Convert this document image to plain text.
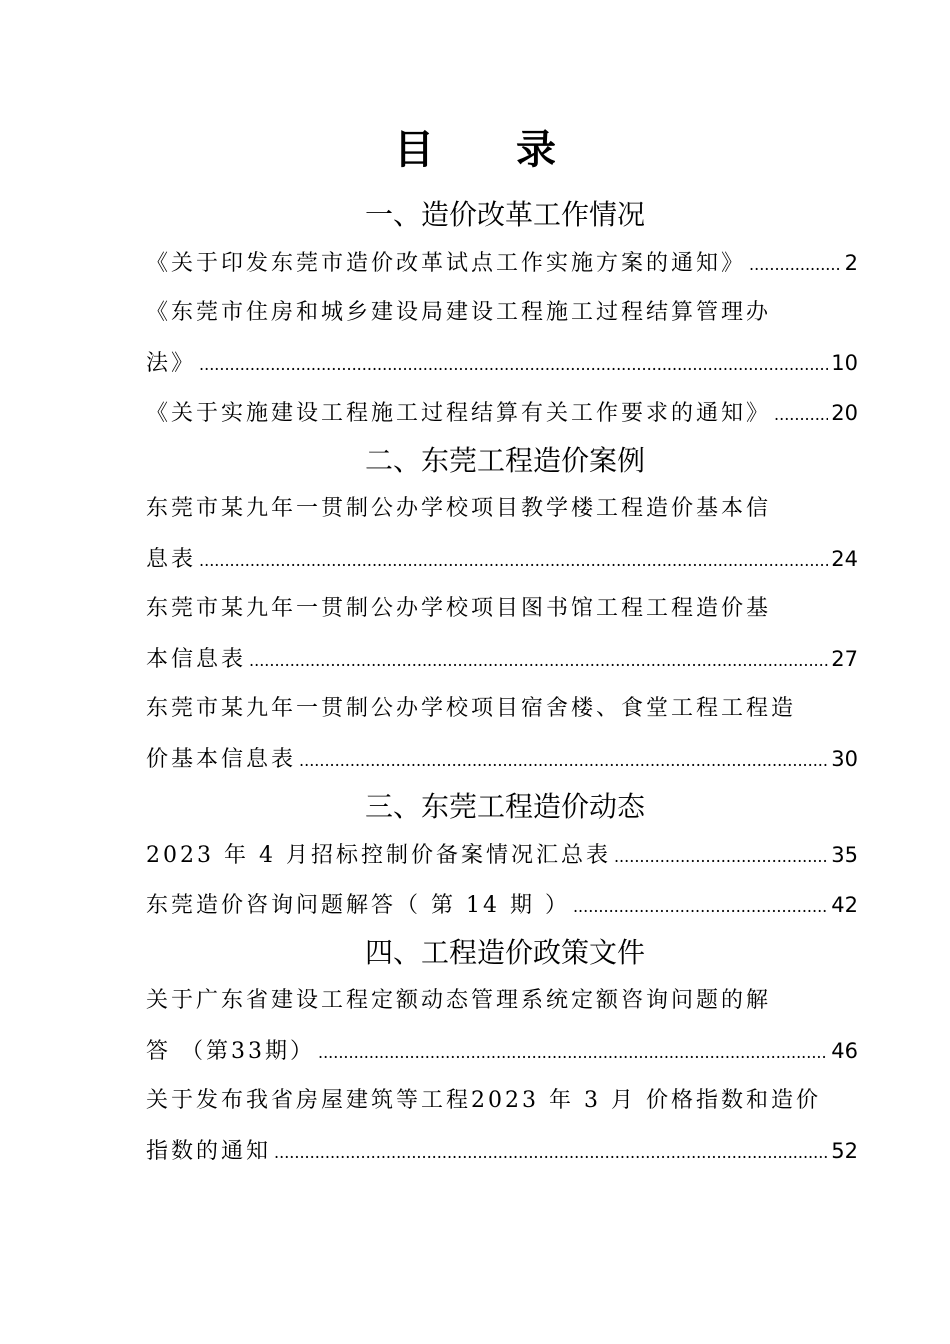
目 录
一、造价改革工作情况
《关于印发东莞市造价改革试点工作实施方案的通知》 .....	2
《东莞市住房和城乡建设局建设工程施工过程结算管理办
法》 .....	10
《关于实施建设工程施工过程结算有关工作要求的通知》 .....	20
二、东莞工程造价案例
东莞市某九年一贯制公办学校项目教学楼工程造价基本信
息表 .....	24
东莞市某九年一贯制公办学校项目图书馆工程工程造价基
本信息表 .....	27
东莞市某九年一贯制公办学校项目宿舍楼、食堂工程工程造
价基本信息表 .....	30
三、东莞工程造价动态
2023 年 4 月招标控制价备案情况汇总表 .....	35
东莞造价咨询问题解答（ 第 14 期 ） .....	42
四、工程造价政策文件
关于广东省建设工程定额动态管理系统定额咨询问题的解
答 （第33期） .....	46
关于发布我省房屋建筑等工程2023 年 3 月 价格指数和造价
指数的通知 .....	52
